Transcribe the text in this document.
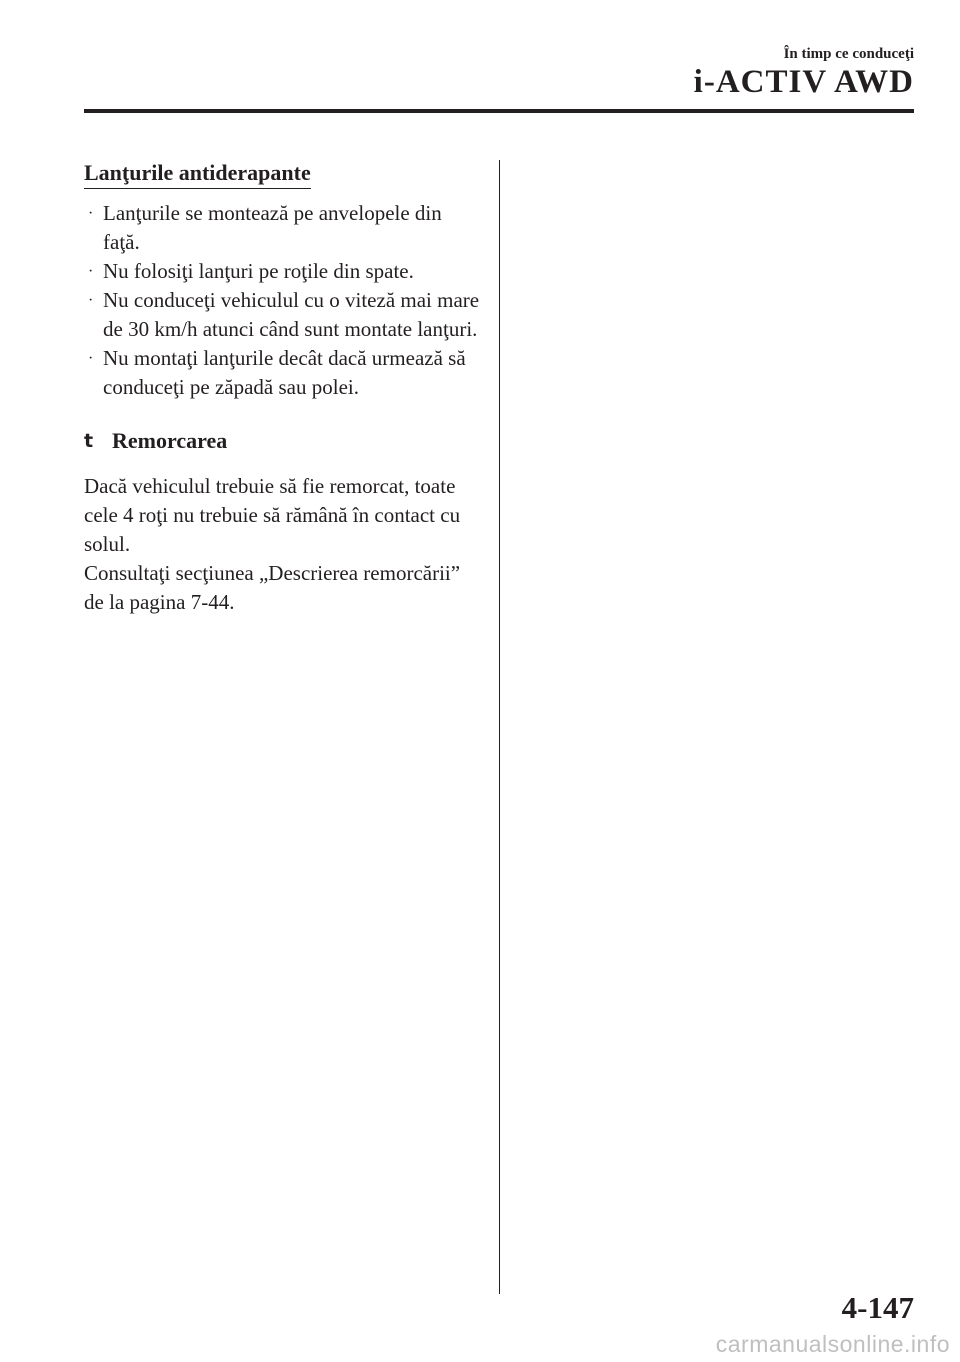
În timp ce conduceţi
i-ACTIV AWD
Lanţurile antiderapante
· Lanţurile se montează pe anvelopele din faţă.
· Nu folosiţi lanţuri pe roţile din spate.
· Nu conduceţi vehiculul cu o viteză mai mare de 30 km/h atunci când sunt montate lanţuri.
· Nu montaţi lanţurile decât dacă urmează să conduceţi pe zăpadă sau polei.
t Remorcarea
Dacă vehiculul trebuie să fie remorcat, toate cele 4 roţi nu trebuie să rămână în contact cu solul.
Consultaţi secţiunea „Descrierea remorcării” de la pagina 7-44.
4-147
carmanualsonline.info
